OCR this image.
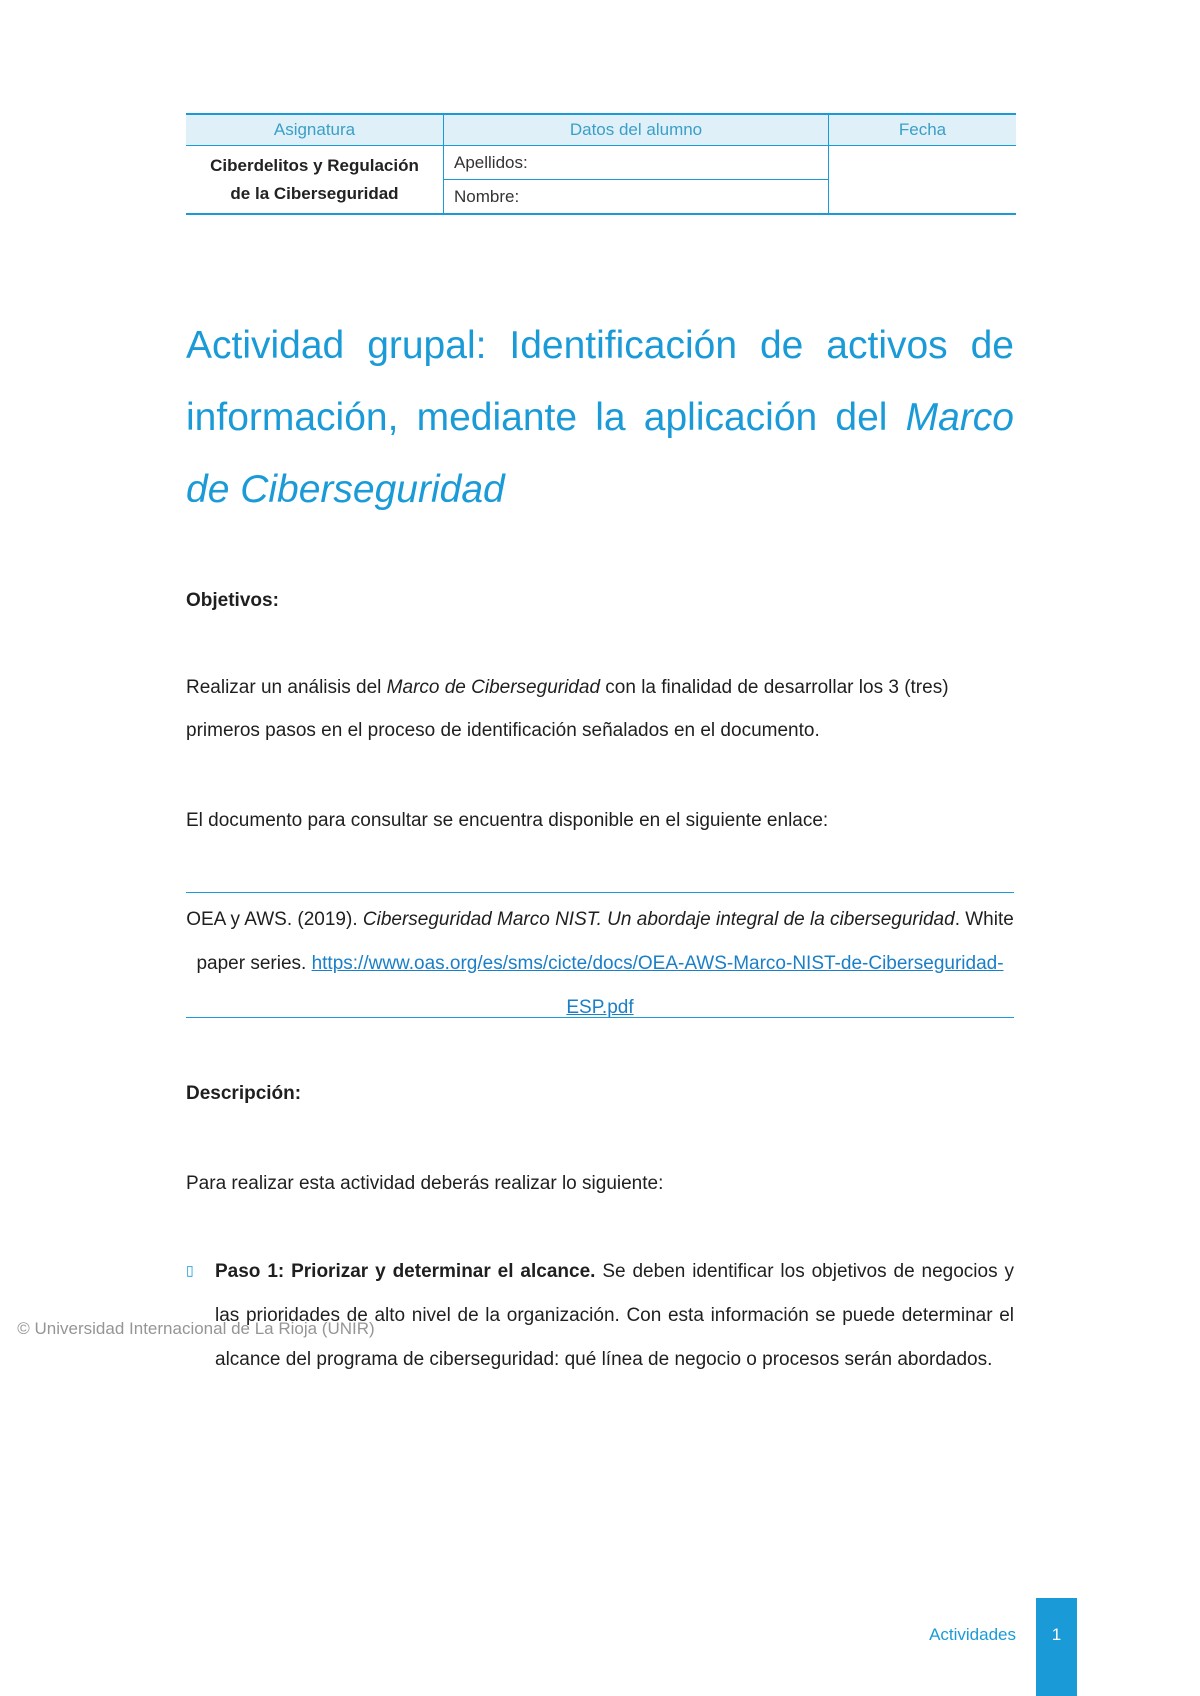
Asignatura	Datos del alumno	Fecha

Ciberdelitos y Regulación
de la Ciberseguridad	Apellidos:	
	Nombre:	
Actividad grupal: Identificación de activos de información, mediante la aplicación del Marco de Ciberseguridad
Objetivos:

Realizar un análisis del Marco de Ciberseguridad con la finalidad de desarrollar los 3 (tres) primeros pasos en el proceso de identificación señalados en el documento.

El documento para consultar se encuentra disponible en el siguiente enlace:

OEA y AWS. (2019). Ciberseguridad Marco NIST. Un abordaje integral de la ciberseguridad. White paper series. https://www.oas.org/es/sms/cicte/docs/OEA-AWS-Marco-NIST-de-Ciberseguridad-ESP.pdf
Descripción:

Para realizar esta actividad deberás realizar lo siguiente:

▯ Paso 1: Priorizar y determinar el alcance. Se deben identificar los objetivos de negocios y las prioridades de alto nivel de la organización. Con esta información se puede determinar el alcance del programa de ciberseguridad: qué línea de negocio o procesos serán abordados.

© Universidad Internacional de La Rioja (UNIR)
Actividades	1
